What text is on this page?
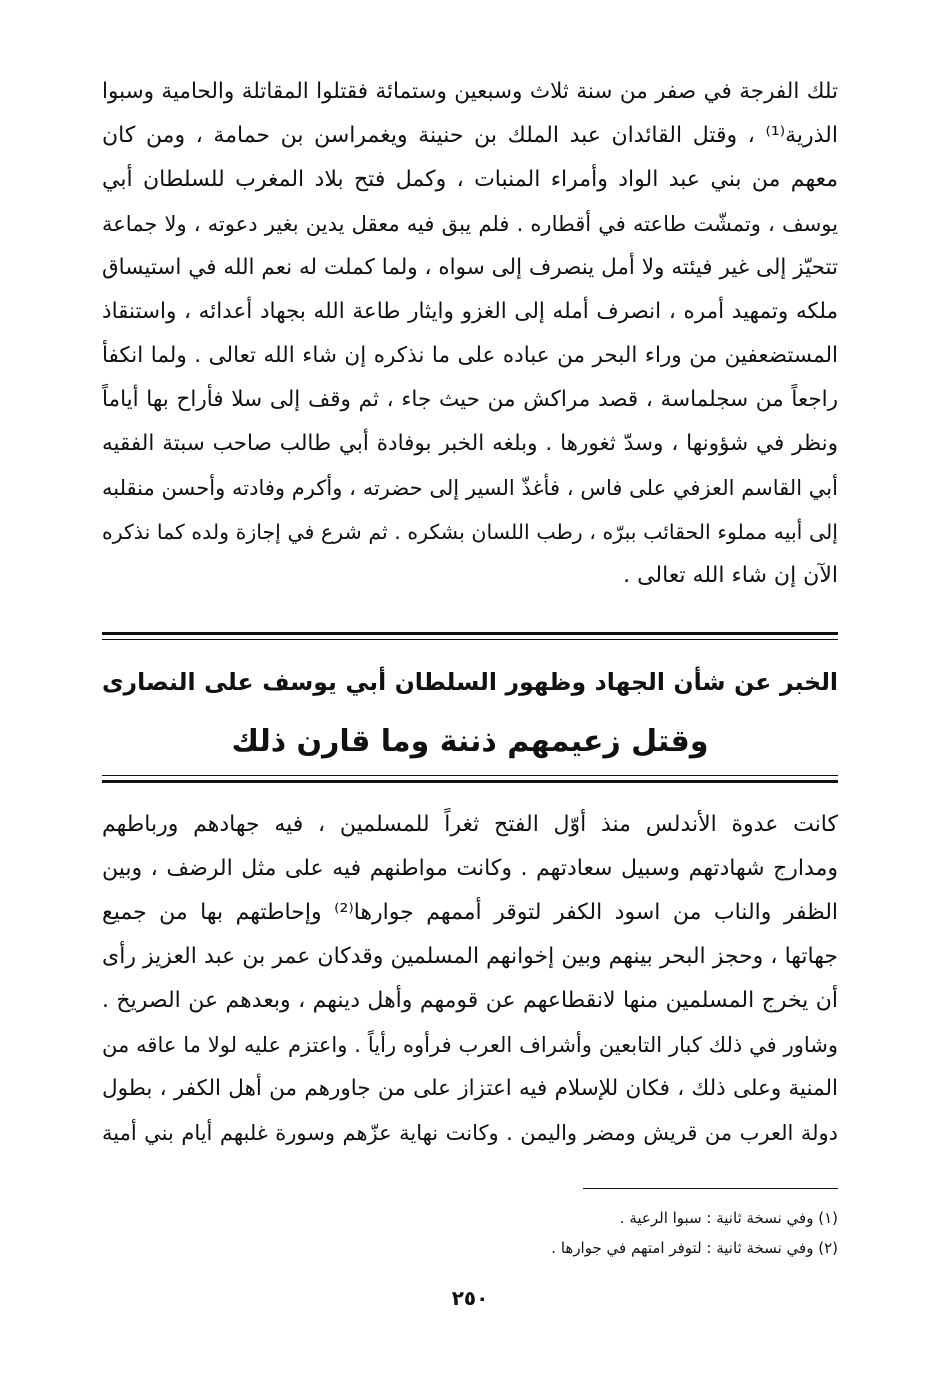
تلك الفرجة في صفر من سنة ثلاث وسبعين وستمائة فقتلوا المقاتلة والحامية وسبوا
الذرية⁽¹⁾ ، وقتل القائدان عبد الملك بن حنينة ويغمراسن بن حمامة ، ومن كان
معهم من بني عبد الواد وأمراء المنبات ، وكمل فتح بلاد المغرب للسلطان أبي
يوسف ، وتمشّت طاعته في أقطاره . فلم يبق فيه معقل يدين بغير دعوته ، ولا جماعة
تتحيّز إلى غير فيئته ولا أمل ينصرف إلى سواه ، ولما كملت له نعم الله في استيساق
ملكه وتمهيد أمره ، انصرف أمله إلى الغزو وايثار طاعة الله بجهاد أعدائه ، واستنقاذ
المستضعفين من وراء البحر من عباده على ما نذكره إن شاء الله تعالى . ولما انكفأ
راجعاً من سجلماسة ، قصد مراكش من حيث جاء ، ثم وقف إلى سلا فأراح بها أياماً
ونظر في شؤونها ، وسدّ ثغورها . وبلغه الخبر بوفادة أبي طالب صاحب سبتة الفقيه
أبي القاسم العزفي على فاس ، فأغذّ السير إلى حضرته ، وأكرم وفادته وأحسن منقلبه
إلى أبيه مملوء الحقائب ببرّه ، رطب اللسان بشكره . ثم شرع في إجازة ولده كما نذكره
الآن إن شاء الله تعالى .
الخبر عن شأن الجهاد وظهور السلطان أبي يوسف على النصارى
وقتل زعيمهم ذننة وما قارن ذلك
كانت عدوة الأندلس منذ أوّل الفتح ثغراً للمسلمين ، فيه جهادهم ورباطهم
ومدارج شهادتهم وسبيل سعادتهم . وكانت مواطنهم فيه على مثل الرضف ، وبين
الظفر والناب من اسود الكفر لتوقر أممهم جوارها⁽²⁾ وإحاطتهم بها من جميع
جهاتها ، وحجز البحر بينهم وبين إخوانهم المسلمين وقدكان عمر بن عبد العزيز رأى
أن يخرج المسلمين منها لانقطاعهم عن قومهم وأهل دينهم ، وبعدهم عن الصريخ .
وشاور في ذلك كبار التابعين وأشراف العرب فرأوه رأياً . واعتزم عليه لولا ما عاقه من
المنية وعلى ذلك ، فكان للإسلام فيه اعتزاز على من جاورهم من أهل الكفر ، بطول
دولة العرب من قريش ومضر واليمن . وكانت نهاية عزّهم وسورة غلبهم أيام بني أمية
(١) وفي نسخة ثانية : سبوا الرعية .
(٢) وفي نسخة ثانية : لتوفر امتهم في جوارها .
٢٥٠
